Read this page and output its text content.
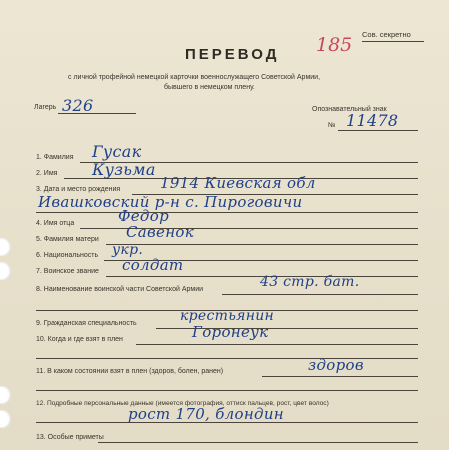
Сов. секретно
ПЕРЕВОД 185
с личной трофейной немецкой карточки военнослужащего Советской Армии,
бывшего в немецком плену.
Лагерь 326	Опознавательный знак
№ 11478
1. Фамилия Гусак
2. Имя Кузьма
3. Дата и место рождения	1914 Киевская обл
Ивашковский р-н с. Пироговичи
4. Имя отца	Федор
5. Фамилия матери Савенок
6. Национальность укр.
7. Воинское звание солдат
8. Наименование воинской части Советской Армии	43 стр. бат.
9. Гражданская специальность	крестьянин
10. Когда и где взят в плен	Горонеук
11. В каком состоянии взят в плен (здоров, болен, ранен)	здоров
12. Подробные персональные данные (имеется фотография, оттиск пальцев, рост, цвет волос)
рост 170, блондин
13. Особые приметы
